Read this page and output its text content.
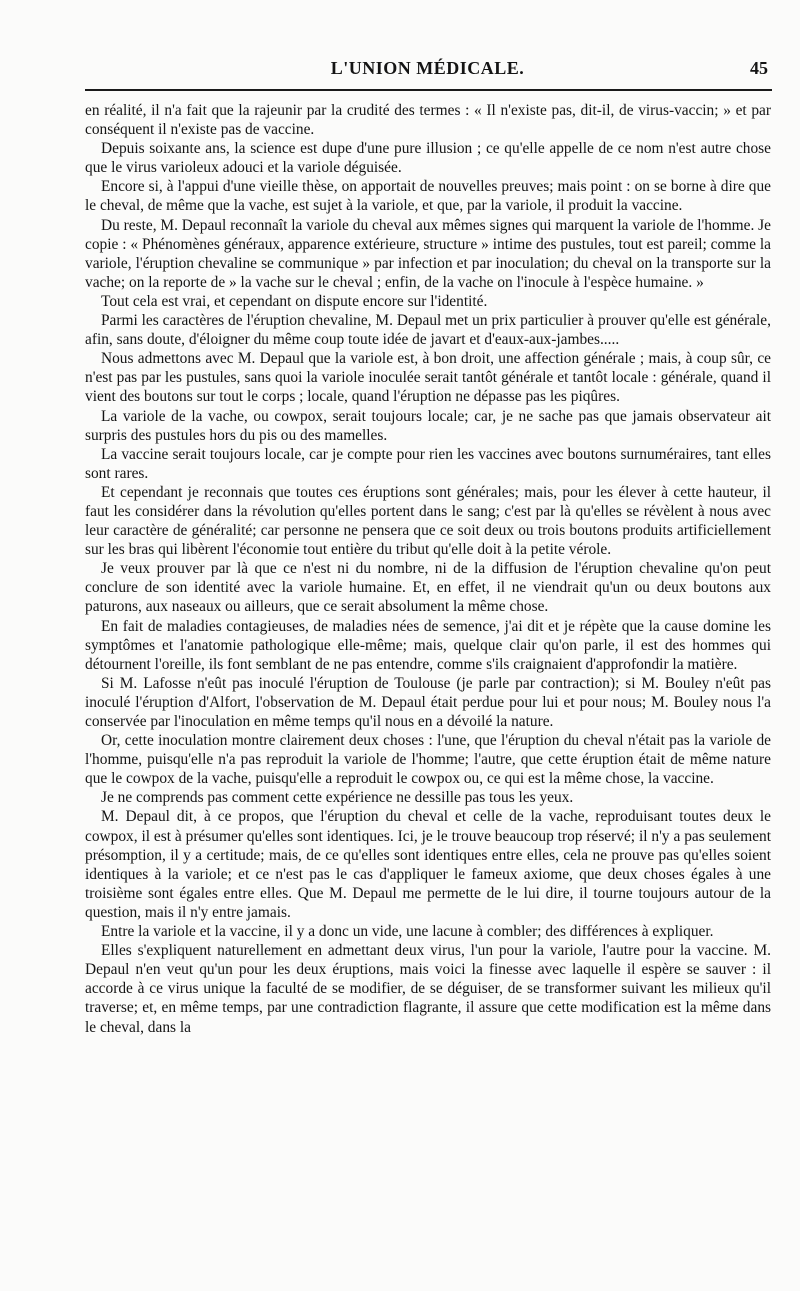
L'UNION MÉDICALE.	45

en réalité, il n'a fait que la rajeunir par la crudité des termes : « Il n'existe pas, dit-il, de virus-vaccin; » et par conséquent il n'existe pas de vaccine.

Depuis soixante ans, la science est dupe d'une pure illusion ; ce qu'elle appelle de ce nom n'est autre chose que le virus varioleux adouci et la variole déguisée.

Encore si, à l'appui d'une vieille thèse, on apportait de nouvelles preuves; mais point : on se borne à dire que le cheval, de même que la vache, est sujet à la variole, et que, par la variole, il produit la vaccine.

Du reste, M. Depaul reconnaît la variole du cheval aux mêmes signes qui marquent la variole de l'homme. Je copie : « Phénomènes généraux, apparence extérieure, structure » intime des pustules, tout est pareil; comme la variole, l'éruption chevaline se communique » par infection et par inoculation; du cheval on la transporte sur la vache; on la reporte de » la vache sur le cheval ; enfin, de la vache on l'inocule à l'espèce humaine. »

Tout cela est vrai, et cependant on dispute encore sur l'identité.

Parmi les caractères de l'éruption chevaline, M. Depaul met un prix particulier à prouver qu'elle est générale, afin, sans doute, d'éloigner du même coup toute idée de javart et d'eaux-aux-jambes.....

Nous admettons avec M. Depaul que la variole est, à bon droit, une affection générale ; mais, à coup sûr, ce n'est pas par les pustules, sans quoi la variole inoculée serait tantôt générale et tantôt locale : générale, quand il vient des boutons sur tout le corps ; locale, quand l'éruption ne dépasse pas les piqûres.

La variole de la vache, ou cowpox, serait toujours locale; car, je ne sache pas que jamais observateur ait surpris des pustules hors du pis ou des mamelles.

La vaccine serait toujours locale, car je compte pour rien les vaccines avec boutons surnuméraires, tant elles sont rares.

Et cependant je reconnais que toutes ces éruptions sont générales; mais, pour les élever à cette hauteur, il faut les considérer dans la révolution qu'elles portent dans le sang; c'est par là qu'elles se révèlent à nous avec leur caractère de généralité; car personne ne pensera que ce soit deux ou trois boutons produits artificiellement sur les bras qui libèrent l'économie tout entière du tribut qu'elle doit à la petite vérole.

Je veux prouver par là que ce n'est ni du nombre, ni de la diffusion de l'éruption chevaline qu'on peut conclure de son identité avec la variole humaine. Et, en effet, il ne viendrait qu'un ou deux boutons aux paturons, aux naseaux ou ailleurs, que ce serait absolument la même chose.

En fait de maladies contagieuses, de maladies nées de semence, j'ai dit et je répète que la cause domine les symptômes et l'anatomie pathologique elle-même; mais, quelque clair qu'on parle, il est des hommes qui détournent l'oreille, ils font semblant de ne pas entendre, comme s'ils craignaient d'approfondir la matière.

Si M. Lafosse n'eût pas inoculé l'éruption de Toulouse (je parle par contraction); si M. Bouley n'eût pas inoculé l'éruption d'Alfort, l'observation de M. Depaul était perdue pour lui et pour nous; M. Bouley nous l'a conservée par l'inoculation en même temps qu'il nous en a dévoilé la nature.

Or, cette inoculation montre clairement deux choses : l'une, que l'éruption du cheval n'était pas la variole de l'homme, puisqu'elle n'a pas reproduit la variole de l'homme; l'autre, que cette éruption était de même nature que le cowpox de la vache, puisqu'elle a reproduit le cowpox ou, ce qui est la même chose, la vaccine.

Je ne comprends pas comment cette expérience ne dessille pas tous les yeux.

M. Depaul dit, à ce propos, que l'éruption du cheval et celle de la vache, reproduisant toutes deux le cowpox, il est à présumer qu'elles sont identiques. Ici, je le trouve beaucoup trop réservé; il n'y a pas seulement présomption, il y a certitude; mais, de ce qu'elles sont identiques entre elles, cela ne prouve pas qu'elles soient identiques à la variole; et ce n'est pas le cas d'appliquer le fameux axiome, que deux choses égales à une troisième sont égales entre elles. Que M. Depaul me permette de le lui dire, il tourne toujours autour de la question, mais il n'y entre jamais.

Entre la variole et la vaccine, il y a donc un vide, une lacune à combler; des différences à expliquer.

Elles s'expliquent naturellement en admettant deux virus, l'un pour la variole, l'autre pour la vaccine. M. Depaul n'en veut qu'un pour les deux éruptions, mais voici la finesse avec laquelle il espère se sauver : il accorde à ce virus unique la faculté de se modifier, de se déguiser, de se transformer suivant les milieux qu'il traverse; et, en même temps, par une contradiction flagrante, il assure que cette modification est la même dans le cheval, dans la
